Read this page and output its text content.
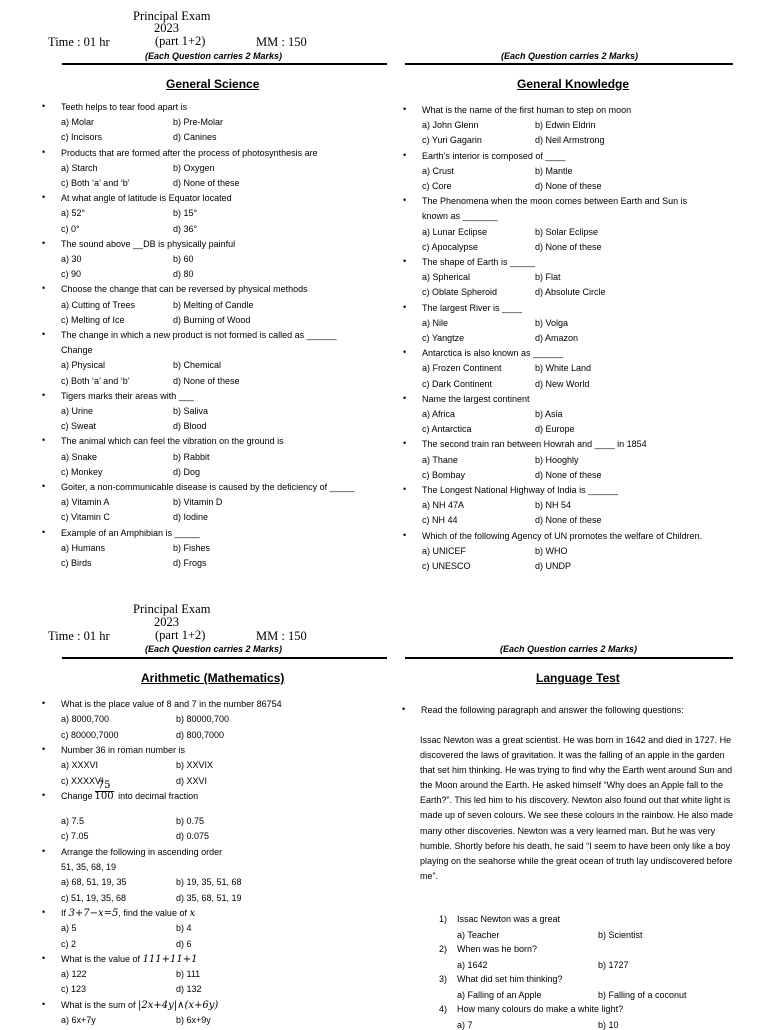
Principal Exam
2023
Time : 01 hr	(part 1+2)	MM : 150
(Each Question carries 2 Marks)	(Each Question carries 2 Marks)
General Science
• Teeth helps to tear food apart is
a) Molar	b) Pre-Molar
c) Incisors	d) Canines
• Products that are formed after the process of photosynthesis are
a) Starch	b) Oxygen
c) Both ‘a’ and ‘b’	d) None of these
• At what angle of latitude is Equator located
a) 52°	b) 15°
c) 0°	d) 36°
• The sound above __DB is physically painful
a) 30	b) 60
c) 90	d) 80
• Choose the change that can be reversed by physical methods
a) Cutting of Trees	b) Melting of Candle
c) Melting of Ice	d) Burning of Wood
• The change in which a new product is not formed is called as ______
Change
a) Physical	b) Chemical
c) Both ‘a’ and ‘b’	d) None of these
• Tigers marks their areas with ___
a) Urine	b) Saliva
c) Sweat	d) Blood
• The animal which can feel the vibration on the ground is
a) Snake	b) Rabbit
c) Monkey	d) Dog
• Goiter, a non-communicable disease is caused by the deficiency of _____
a) Vitamin A	b) Vitamin D
c) Vitamin C	d) Iodine
• Example of an Amphibian is _____
a) Humans	b) Fishes
c) Birds	d) Frogs
General Knowledge
• What is the name of the first human to step on moon
a) John Glenn	b) Edwin Eldrin
c) Yuri Gagarin	d) Neil Armstrong
• Earth’s interior is composed of ____
a) Crust	b) Mantle
c) Core	d) None of these
• The Phenomena when the moon comes between Earth and Sun is
known as _______
a) Lunar Eclipse	b) Solar Eclipse
c) Apocalypse	d) None of these
• The shape of Earth is _____
a) Spherical	b) Flat
c) Oblate Spheroid	d) Absolute Circle
• The largest River is ____
a) Nile	b) Volga
c) Yangtze	d) Amazon
• Antarctica is also known as ______
a) Frozen Continent	b) White Land
c) Dark Continent	d) New World
• Name the largest continent
a) Africa	b) Asia
c) Antarctica	d) Europe
• The second train ran between Howrah and ____ in 1854
a) Thane	b) Hooghly
c) Bombay	d) None of these
• The Longest National Highway of India is ______
a) NH 47A	b) NH 54
c) NH 44	d) None of these
• Which of the following Agency of UN promotes the welfare of Children.
a) UNICEF	b) WHO
c) UNESCO	d) UNDP
Principal Exam
2023
Time : 01 hr	(part 1+2)	MM : 150
(Each Question carries 2 Marks)	(Each Question carries 2 Marks)
Arithmetic (Mathematics)
• What is the place value of 8 and 7 in the number 86754
a) 8000,700	b) 80000,700
c) 80000,7000	d) 800,7000
• Number 36 in roman number is
a) XXXVI	b) XXVIX
c) XXXXVI	d) XXVI
• Change $\frac{75}{100}$ into decimal fraction
a) 7.5	b) 0.75
c) 7.05	d) 0.075
• Arrange the following in ascending order
51, 35, 68, 19
a) 68, 51, 19, 35	b) 19, 35, 51, 68
c) 51, 19, 35, 68	d) 35, 68, 51, 19
• If 3+7−x=5, find the value of x
a) 5	b) 4
c) 2	d) 6
• What is the value of 111+11+1
a) 122	b) 111
c) 123	d) 132
• What is the sum of |2x+4y|∧(x+6y)
a) 6x+7y	b) 6x+9y
Language Test
• Read the following paragraph and answer the following questions:
Issac Newton was a great scientist. He was born in 1642 and died in 1727. He discovered the laws of gravitation. It was the falling of an apple in the garden that set him thinking. He was trying to find why the Earth went around Sun and the Moon around the Earth. He asked himself “Why does an Apple fall to the Earth?”. This led him to his discovery. Newton also found out that white light is made up of seven colours. We see these colours in the rainbow. He also made many other discoveries. Newton was a very learned man. But he was very humble. Shortly before his death, he said “I seem to have been only like a boy playing on the seahorse while the great ocean of truth lay undiscovered before me”.
1) Issac Newton was a great
a) Teacher	b) Scientist
2) When was he born?
a) 1642	b) 1727
3) What did set him thinking?
a) Falling of an Apple	b) Falling of a coconut
4) How many colours do make a white light?
a) 7	b) 10
